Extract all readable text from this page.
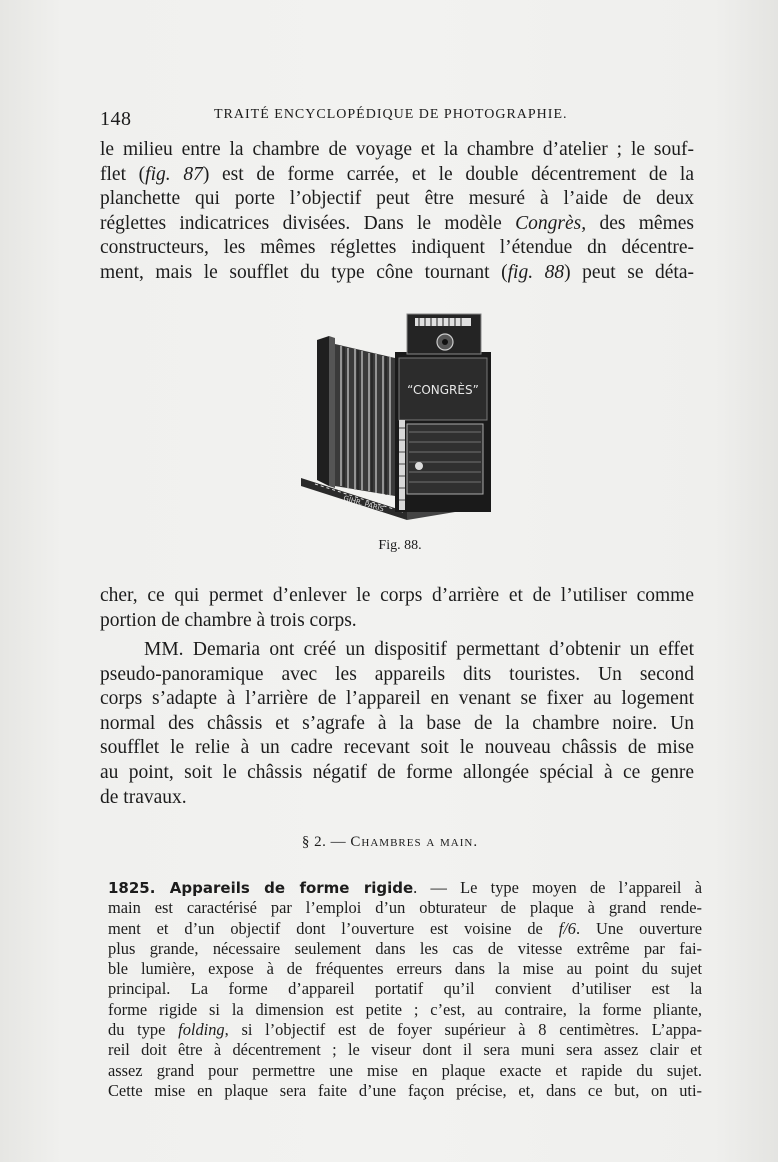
148	TRAITÉ ENCYCLOPÉDIQUE DE PHOTOGRAPHIE.
le milieu entre la chambre de voyage et la chambre d’atelier ; le souf-
flet (fig. 87) est de forme carrée, et le double décentrement de la
planchette qui porte l’objectif peut être mesuré à l’aide de deux
réglettes indicatrices divisées. Dans le modèle Congrès, des mêmes
constructeurs, les mêmes réglettes indiquent l’étendue dn décentre-
ment, mais le soufflet du type cône tournant (fig. 88) peut se déta-
“CONGRÈS”
GIHR. PARIS
Fig. 88.
cher, ce qui permet d’enlever le corps d’arrière et de l’utiliser comme
portion de chambre à trois corps.
MM. Demaria ont créé un dispositif permettant d’obtenir un effet
pseudo-panoramique avec les appareils dits touristes. Un second
corps s’adapte à l’arrière de l’appareil en venant se fixer au logement
normal des châssis et s’agrafe à la base de la chambre noire. Un
soufflet le relie à un cadre recevant soit le nouveau châssis de mise
au point, soit le châssis négatif de forme allongée spécial à ce genre
de travaux.
§ 2. — Chambres a main.
1825. Appareils de forme rigide. — Le type moyen de l’appareil à
main est caractérisé par l’emploi d’un obturateur de plaque à grand rende-
ment et d’un objectif dont l’ouverture est voisine de f/6. Une ouverture
plus grande, nécessaire seulement dans les cas de vitesse extrême par fai-
ble lumière, expose à de fréquentes erreurs dans la mise au point du sujet
principal. La forme d’appareil portatif qu’il convient d’utiliser est la
forme rigide si la dimension est petite ; c’est, au contraire, la forme pliante,
du type folding, si l’objectif est de foyer supérieur à 8 centimètres. L’appa-
reil doit être à décentrement ; le viseur dont il sera muni sera assez clair et
assez grand pour permettre une mise en plaque exacte et rapide du sujet.
Cette mise en plaque sera faite d’une façon précise, et, dans ce but, on uti-
